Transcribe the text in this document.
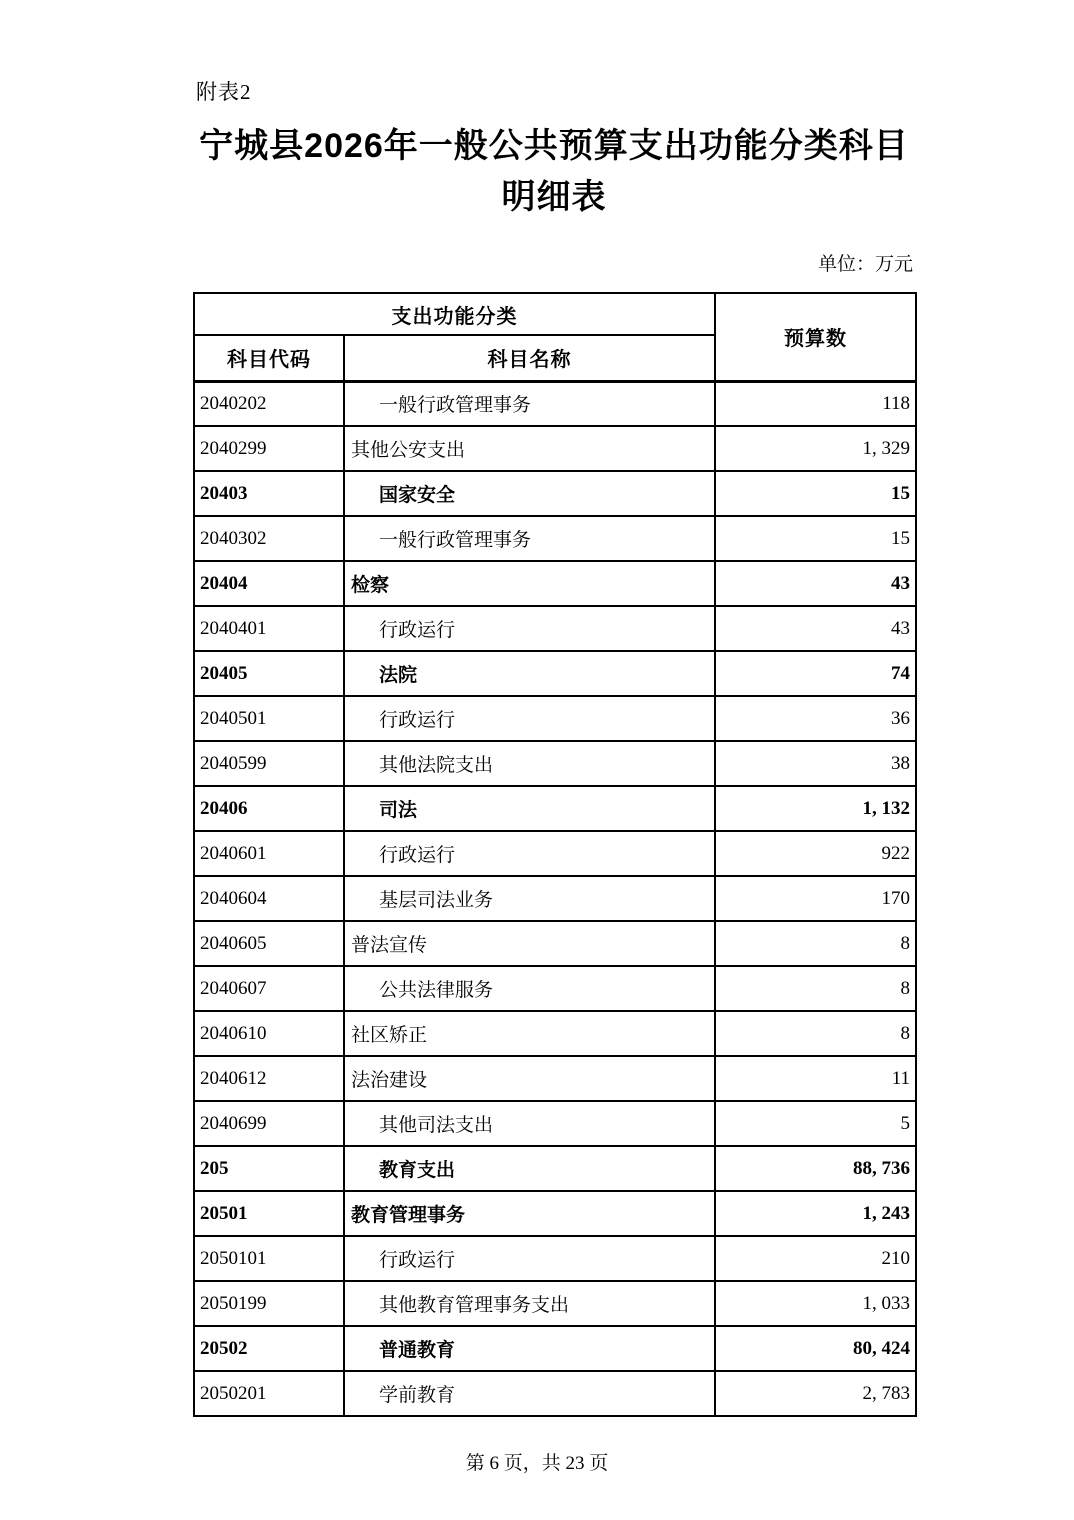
附表2
宁城县2026年一般公共预算支出功能分类科目
明细表
单位：万元
支出功能分类		预算数
科目代码	科目名称	
2040202	一般行政管理事务	118
2040299	其他公安支出	1, 329
20403	国家安全	15
2040302	一般行政管理事务	15
20404	检察	43
2040401	行政运行	43
20405	法院	74
2040501	行政运行	36
2040599	其他法院支出	38
20406	司法	1, 132
2040601	行政运行	922
2040604	基层司法业务	170
2040605	普法宣传	8
2040607	公共法律服务	8
2040610	社区矫正	8
2040612	法治建设	11
2040699	其他司法支出	5
205	教育支出	88, 736
20501	教育管理事务	1, 243
2050101	行政运行	210
2050199	其他教育管理事务支出	1, 033
20502	普通教育	80, 424
2050201	学前教育	2, 783
第 6 页，共 23 页
